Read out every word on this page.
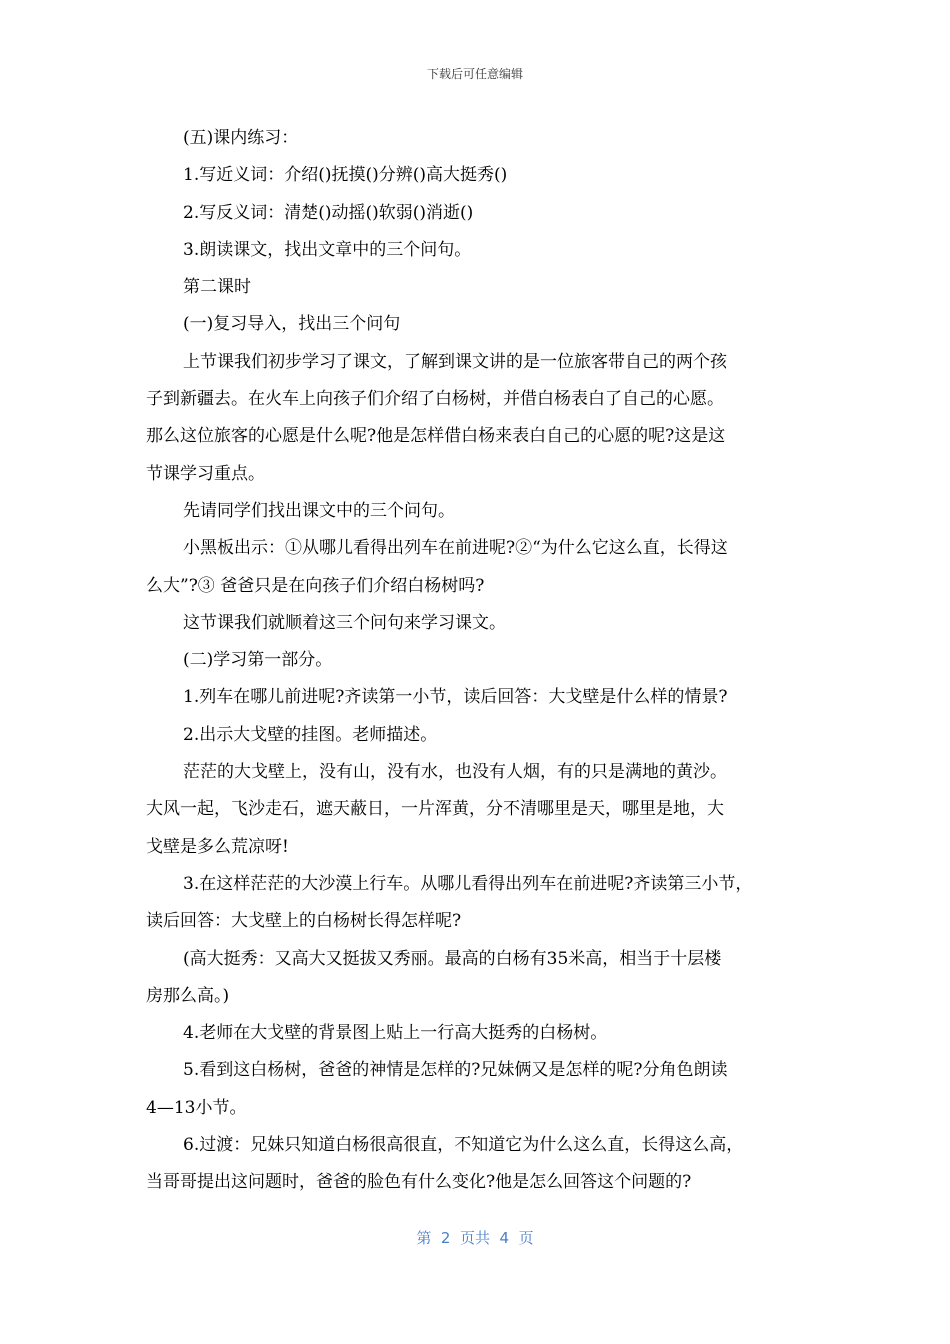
下载后可任意编辑

(五)课内练习：

1.写近义词：介绍()抚摸()分辨()高大挺秀()

2.写反义词：清楚()动摇()软弱()消逝()

3.朗读课文，找出文章中的三个问句。

第二课时

(一)复习导入，找出三个问句

上节课我们初步学习了课文，了解到课文讲的是一位旅客带自己的两个孩

子到新疆去。在火车上向孩子们介绍了白杨树，并借白杨表白了自己的心愿。

那么这位旅客的心愿是什么呢?他是怎样借白杨来表白自己的心愿的呢?这是这

节课学习重点。

先请同学们找出课文中的三个问句。

小黑板出示：①从哪儿看得出列车在前进呢?②“为什么它这么直，长得这

么大”?③ 爸爸只是在向孩子们介绍白杨树吗?

这节课我们就顺着这三个问句来学习课文。

(二)学习第一部分。

1.列车在哪儿前进呢?齐读第一小节，读后回答：大戈壁是什么样的情景?

2.出示大戈壁的挂图。老师描述。

茫茫的大戈壁上，没有山，没有水，也没有人烟，有的只是满地的黄沙。

大风一起，飞沙走石，遮天蔽日，一片浑黄，分不清哪里是天，哪里是地，大

戈壁是多么荒凉呀!

3.在这样茫茫的大沙漠上行车。从哪儿看得出列车在前进呢?齐读第三小节，

读后回答：大戈壁上的白杨树长得怎样呢?

(高大挺秀：又高大又挺拔又秀丽。最高的白杨有35米高，相当于十层楼

房那么高。)

4.老师在大戈壁的背景图上贴上一行高大挺秀的白杨树。

5.看到这白杨树，爸爸的神情是怎样的?兄妹俩又是怎样的呢?分角色朗读

4—13小节。

6.过渡：兄妹只知道白杨很高很直，不知道它为什么这么直，长得这么高，

当哥哥提出这问题时，爸爸的脸色有什么变化?他是怎么回答这个问题的?

第  2  页共  4  页
